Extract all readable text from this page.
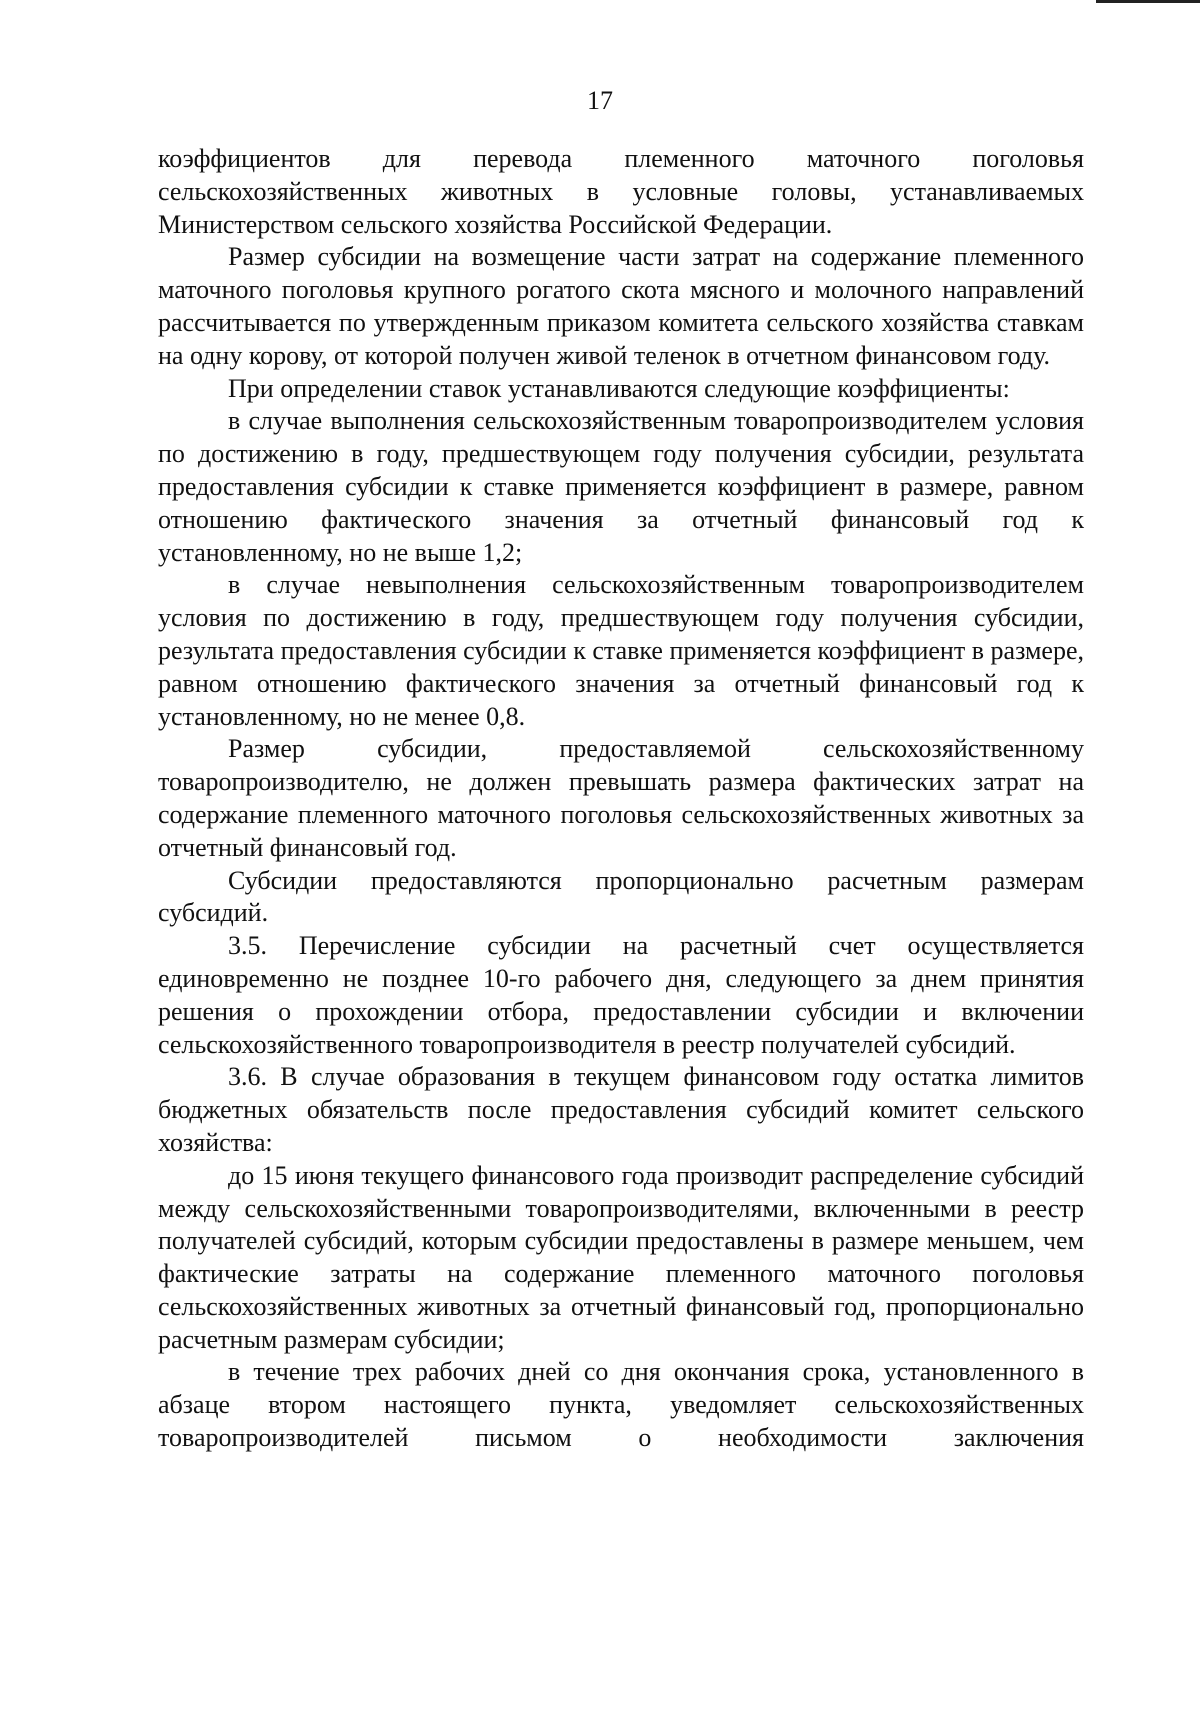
17

коэффициентов для перевода племенного маточного поголовья сельскохозяйственных животных в условные головы, устанавливаемых Министерством сельского хозяйства Российской Федерации.

Размер субсидии на возмещение части затрат на содержание племенного маточного поголовья крупного рогатого скота мясного и молочного направлений рассчитывается по утвержденным приказом комитета сельского хозяйства ставкам на одну корову, от которой получен живой теленок в отчетном финансовом году.

При определении ставок устанавливаются следующие коэффициенты:

в случае выполнения сельскохозяйственным товаропроизводителем условия по достижению в году, предшествующем году получения субсидии, результата предоставления субсидии к ставке применяется коэффициент в размере, равном отношению фактического значения за отчетный финансовый год к установленному, но не выше 1,2;

в случае невыполнения сельскохозяйственным товаропроизводителем условия по достижению в году, предшествующем году получения субсидии, результата предоставления субсидии к ставке применяется коэффициент в размере, равном отношению фактического значения за отчетный финансовый год к установленному, но не менее 0,8.

Размер субсидии, предоставляемой сельскохозяйственному товаропроизводителю, не должен превышать размера фактических затрат на содержание племенного маточного поголовья сельскохозяйственных животных за отчетный финансовый год.

Субсидии предоставляются пропорционально расчетным размерам субсидий.

3.5. Перечисление субсидии на расчетный счет осуществляется единовременно не позднее 10-го рабочего дня, следующего за днем принятия решения о прохождении отбора, предоставлении субсидии и включении сельскохозяйственного товаропроизводителя в реестр получателей субсидий.

3.6. В случае образования в текущем финансовом году остатка лимитов бюджетных обязательств после предоставления субсидий комитет сельского хозяйства:

до 15 июня текущего финансового года производит распределение субсидий между сельскохозяйственными товаропроизводителями, включенными в реестр получателей субсидий, которым субсидии предоставлены в размере меньшем, чем фактические затраты на содержание племенного маточного поголовья сельскохозяйственных животных за отчетный финансовый год, пропорционально расчетным размерам субсидии;

в течение трех рабочих дней со дня окончания срока, установленного в абзаце втором настоящего пункта, уведомляет сельскохозяйственных товаропроизводителей письмом о необходимости заключения
